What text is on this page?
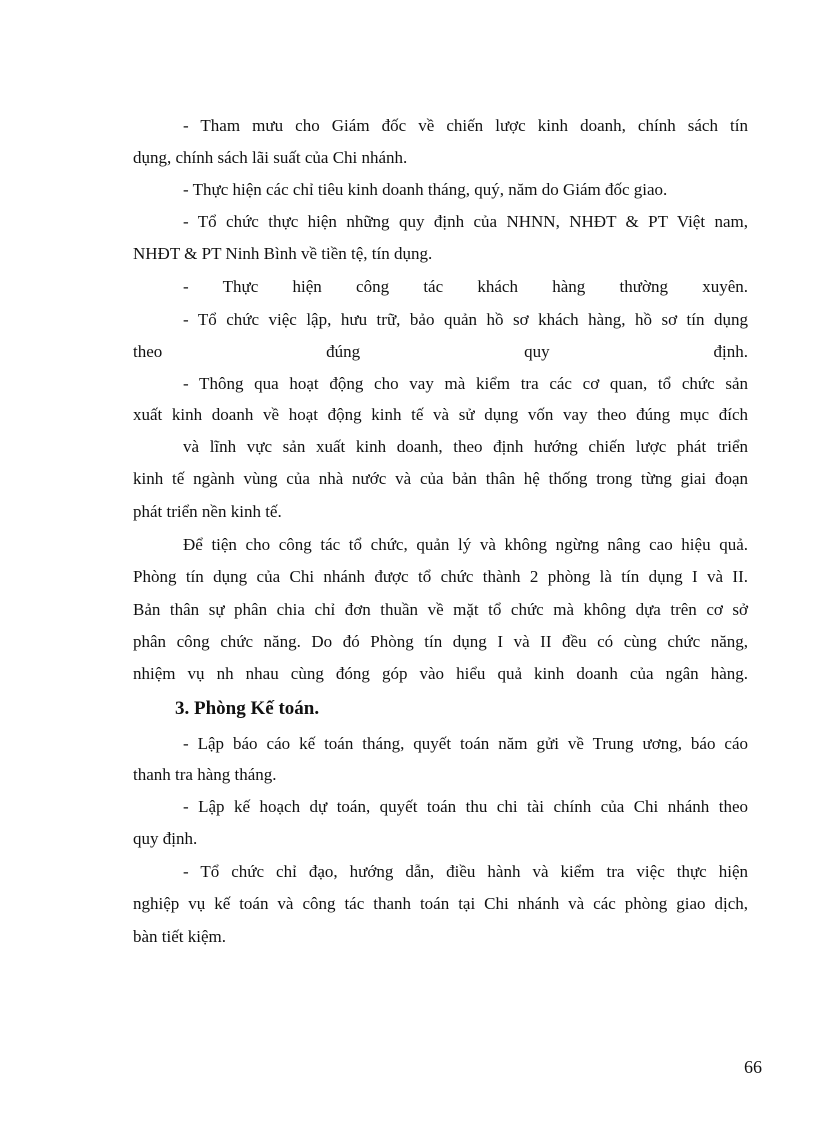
- Tham mưu cho Giám đốc về chiến lược kinh doanh, chính sách tín
dụng, chính sách lãi suất của Chi nhánh.
- Thực hiện các chỉ tiêu kinh doanh tháng, quý, năm do Giám đốc giao.
- Tổ chức thực hiện những quy định của NHNN, NHĐT & PT Việt nam,
NHĐT & PT Ninh Bình về tiền tệ, tín dụng.
- Thực hiện công tác khách hàng thường xuyên.
- Tổ chức việc lập, hưu trữ, bảo quản hồ sơ khách hàng, hồ sơ tín dụng
theo đúng quy định.
- Thông qua hoạt động cho vay mà kiểm tra các cơ quan, tổ chức sản
xuất kinh doanh về hoạt động kinh tế và sử dụng vốn vay theo đúng mục đích
và lĩnh vực sản xuất kinh doanh, theo định hướng chiến lược phát triển
kinh tế ngành vùng của nhà nước và của bản thân hệ thống trong từng giai đoạn
phát triển nền kinh tế.
Để tiện cho công tác tổ chức, quản lý và không ngừng nâng cao hiệu quả.
Phòng tín dụng của Chi nhánh được tổ chức thành 2 phòng là tín dụng I và II.
Bản thân sự phân chia chỉ đơn thuần về mặt tổ chức mà không dựa trên cơ sở
phân công chức năng. Do đó Phòng tín dụng I và II đều có cùng chức năng,
nhiệm vụ nh nhau cùng đóng góp vào hiểu quả kinh doanh của ngân hàng.
3. Phòng Kế toán.
- Lập báo cáo kế toán tháng, quyết toán năm gửi về Trung ương, báo cáo
thanh tra hàng tháng.
- Lập kế hoạch dự toán, quyết toán thu chi tài chính của Chi nhánh theo
quy định.
- Tổ chức chỉ đạo, hướng dẫn, điều hành và kiểm tra việc thực hiện
nghiệp vụ kế toán và công tác thanh toán tại Chi nhánh và các phòng giao dịch,
bàn tiết kiệm.
66
